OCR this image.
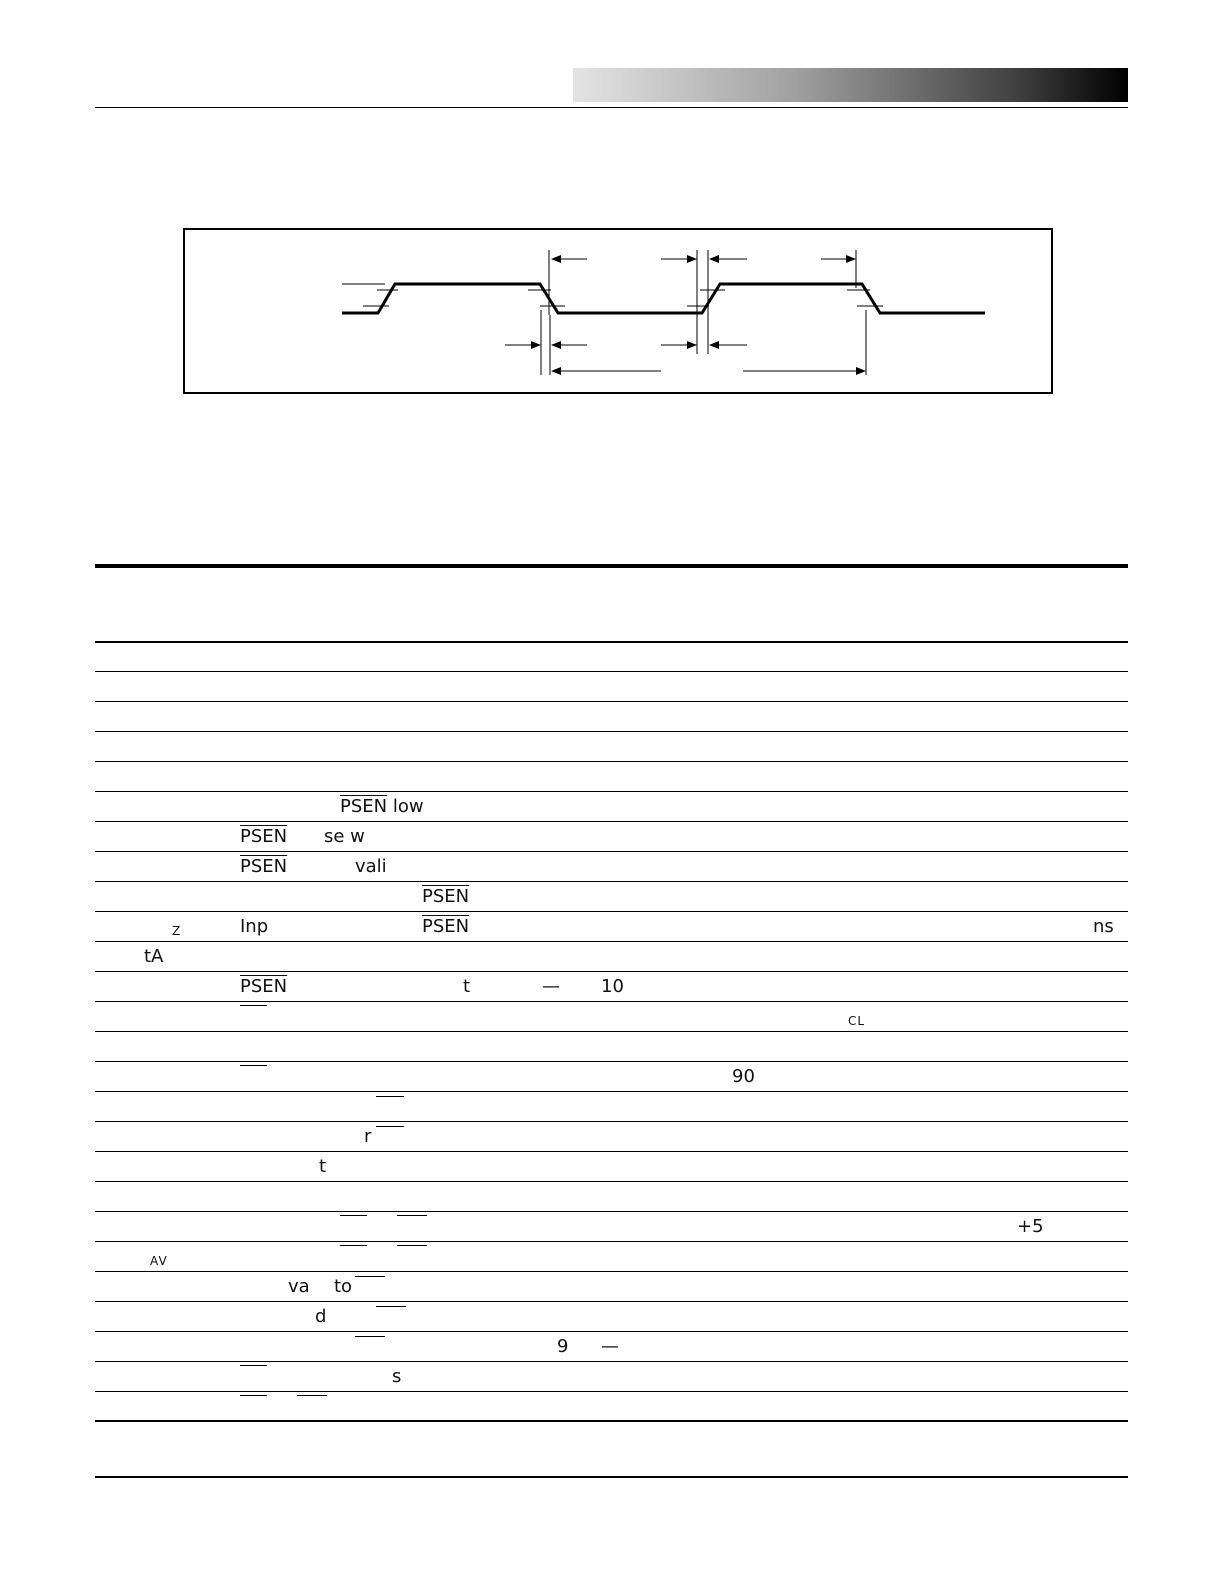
PSEN low
PSEN se w
PSEN	vali
PSEN
Z	Inp	PSEN	ns
tA
PSEN	t	— 10
CL
90
r
t
+5
AV
va to
d
9 —
s
